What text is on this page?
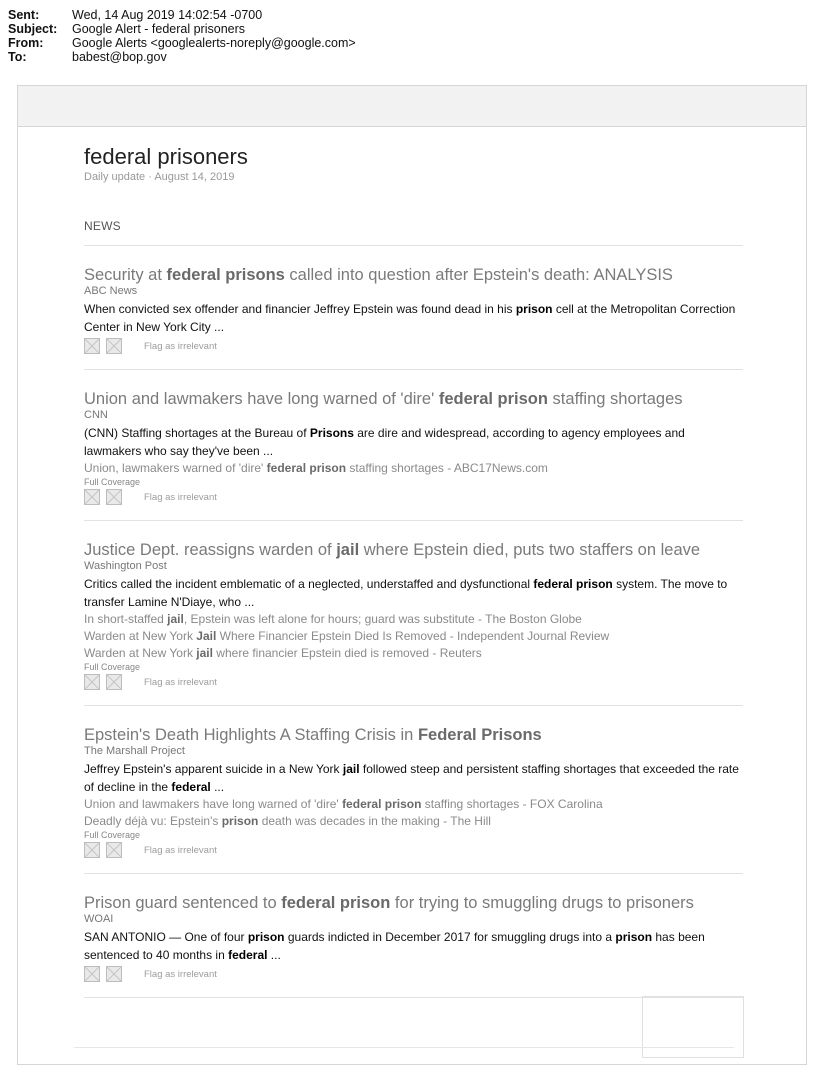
Sent:	Wed, 14 Aug 2019 14:02:54 -0700
Subject:	Google Alert - federal prisoners
From:	Google Alerts <googlealerts-noreply@google.com>
To:	babest@bop.gov
federal prisoners
Daily update · August 14, 2019
NEWS
Security at federal prisons called into question after Epstein's death: ANALYSIS
ABC News
When convicted sex offender and financier Jeffrey Epstein was found dead in his prison cell at the Metropolitan Correction Center in New York City ...
Flag as irrelevant
Union and lawmakers have long warned of 'dire' federal prison staffing shortages
CNN
(CNN) Staffing shortages at the Bureau of Prisons are dire and widespread, according to agency employees and lawmakers who say they've been ...
Union, lawmakers warned of 'dire' federal prison staffing shortages - ABC17News.com
Full Coverage
Flag as irrelevant
Justice Dept. reassigns warden of jail where Epstein died, puts two staffers on leave
Washington Post
Critics called the incident emblematic of a neglected, understaffed and dysfunctional federal prison system. The move to transfer Lamine N'Diaye, who ...
In short-staffed jail, Epstein was left alone for hours; guard was substitute - The Boston Globe
Warden at New York Jail Where Financier Epstein Died Is Removed - Independent Journal Review
Warden at New York jail where financier Epstein died is removed - Reuters
Full Coverage
Flag as irrelevant
Epstein's Death Highlights A Staffing Crisis in Federal Prisons
The Marshall Project
Jeffrey Epstein's apparent suicide in a New York jail followed steep and persistent staffing shortages that exceeded the rate of decline in the federal ...
Union and lawmakers have long warned of 'dire' federal prison staffing shortages - FOX Carolina
Deadly déjà vu: Epstein's prison death was decades in the making - The Hill
Full Coverage
Flag as irrelevant
Prison guard sentenced to federal prison for trying to smuggling drugs to prisoners
WOAI
SAN ANTONIO — One of four prison guards indicted in December 2017 for smuggling drugs into a prison has been sentenced to 40 months in federal ...
Flag as irrelevant
